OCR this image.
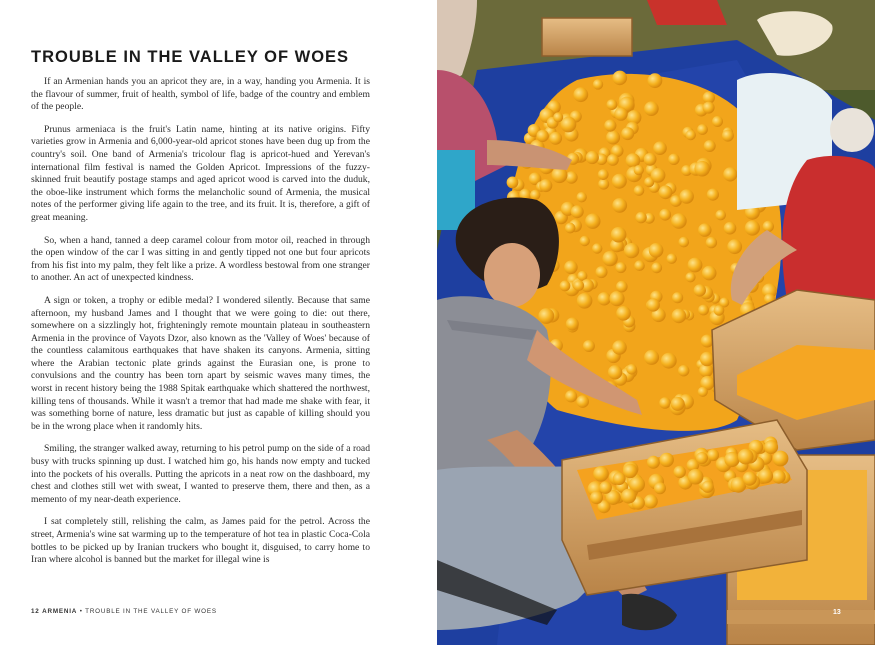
TROUBLE IN THE VALLEY OF WOES

If an Armenian hands you an apricot they are, in a way, handing you Armenia. It is the flavour of summer, fruit of health, symbol of life, badge of the country and emblem of the people.

Prunus armeniaca is the fruit's Latin name, hinting at its native origins. Fifty varieties grow in Armenia and 6,000-year-old apricot stones have been dug up from the country's soil. One band of Armenia's tricolour flag is apricot-hued and Yerevan's international film festival is named the Golden Apricot. Impressions of the fuzzy-skinned fruit beautify postage stamps and aged apricot wood is carved into the duduk, the oboe-like instrument which forms the melancholic sound of Armenia, the musical notes of the performer giving life again to the tree, and its fruit. It is, therefore, a gift of great meaning.

So, when a hand, tanned a deep caramel colour from motor oil, reached in through the open window of the car I was sitting in and gently tipped not one but four apricots from his fist into my palm, they felt like a prize. A wordless bestowal from one stranger to another. An act of unexpected kindness.

A sign or token, a trophy or edible medal? I wondered silently. Because that same afternoon, my husband James and I thought that we were going to die: out there, somewhere on a sizzlingly hot, frighteningly remote mountain plateau in southeastern Armenia in the province of Vayots Dzor, also known as the 'Valley of Woes' because of the countless calamitous earthquakes that have shaken its canyons. Armenia, sitting where the Arabian tectonic plate grinds against the Eurasian one, is prone to convulsions and the country has been torn apart by seismic waves many times, the worst in recent history being the 1988 Spitak earthquake which shattered the northwest, killing tens of thousands. While it wasn't a tremor that had made me shake with fear, it was something borne of nature, less dramatic but just as capable of killing should you be in the wrong place when it randomly hits.

Smiling, the stranger walked away, returning to his petrol pump on the side of a road busy with trucks spinning up dust. I watched him go, his hands now empty and tucked into the pockets of his overalls. Putting the apricots in a neat row on the dashboard, my chest and clothes still wet with sweat, I wanted to preserve them, there and then, as a memento of my near-death experience.

I sat completely still, relishing the calm, as James paid for the petrol. Across the street, Armenia's wine sat warming up to the temperature of hot tea in plastic Coca-Cola bottles to be picked up by Iranian truckers who bought it, disguised, to carry home to Iran where alcohol is banned but the market for illegal wine is

12 ARMENIA • TROUBLE IN THE VALLEY OF WOES	13
